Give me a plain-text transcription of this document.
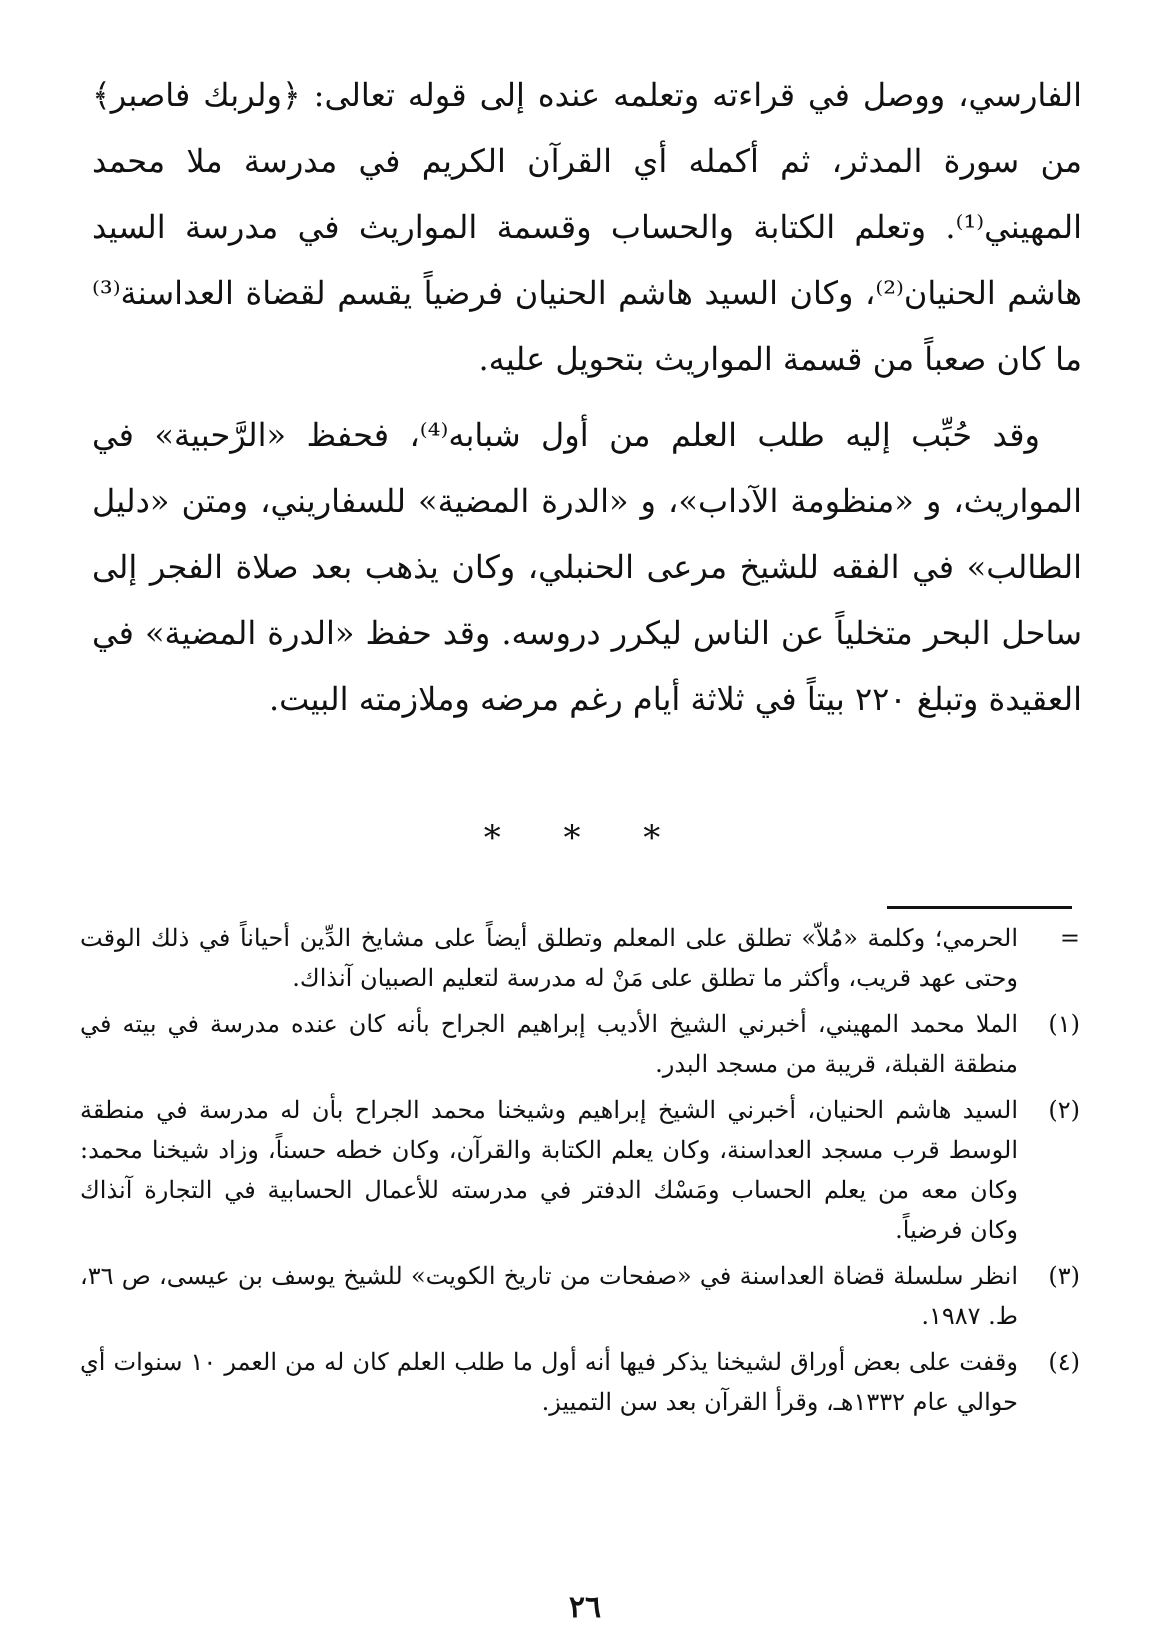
الفارسي، ووصل في قراءته وتعلمه عنده إلى قوله تعالى: ﴿ولربك فاصبر﴾ من سورة المدثر، ثم أكمله أي القرآن الكريم في مدرسة ملا محمد المهيني⁽¹⁾. وتعلم الكتابة والحساب وقسمة المواريث في مدرسة السيد هاشم الحنيان⁽²⁾، وكان السيد هاشم الحنيان فرضياً يقسم لقضاة العداسنة⁽³⁾ ما كان صعباً من قسمة المواريث بتحويل عليه.

وقد حُبِّب إليه طلب العلم من أول شبابه⁽⁴⁾، فحفظ «الرَّحبية» في المواريث، و «منظومة الآداب»، و «الدرة المضية» للسفاريني، ومتن «دليل الطالب» في الفقه للشيخ مرعى الحنبلي، وكان يذهب بعد صلاة الفجر إلى ساحل البحر متخلياً عن الناس ليكرر دروسه. وقد حفظ «الدرة المضية» في العقيدة وتبلغ ٢٢٠ بيتاً في ثلاثة أيام رغم مرضه وملازمته البيت.

* * *
=

الحرمي؛ وكلمة «مُلاّ» تطلق على المعلم وتطلق أيضاً على مشايخ الدِّين أحياناً في ذلك الوقت وحتى عهد قريب، وأكثر ما تطلق على مَنْ له مدرسة لتعليم الصبيان آنذاك.

(١)

الملا محمد المهيني، أخبرني الشيخ الأديب إبراهيم الجراح بأنه كان عنده مدرسة في بيته في منطقة القبلة، قريبة من مسجد البدر.

(٢)

السيد هاشم الحنيان، أخبرني الشيخ إبراهيم وشيخنا محمد الجراح بأن له مدرسة في منطقة الوسط قرب مسجد العداسنة، وكان يعلم الكتابة والقرآن، وكان خطه حسناً، وزاد شيخنا محمد: وكان معه من يعلم الحساب ومَسْك الدفتر في مدرسته للأعمال الحسابية في التجارة آنذاك وكان فرضياً.

(٣)

انظر سلسلة قضاة العداسنة في «صفحات من تاريخ الكويت» للشيخ يوسف بن عيسى، ص ٣٦، ط. ١٩٨٧.

(٤)

وقفت على بعض أوراق لشيخنا يذكر فيها أنه أول ما طلب العلم كان له من العمر ١٠ سنوات أي حوالي عام ١٣٣٢هـ، وقرأ القرآن بعد سن التمييز.

٢٦
